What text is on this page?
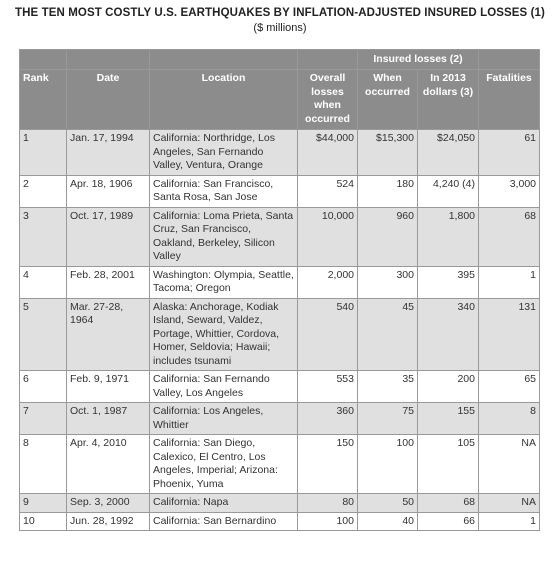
THE TEN MOST COSTLY U.S. EARTHQUAKES BY INFLATION-ADJUSTED INSURED LOSSES (1)
($ millions)
				Insured losses (2)		
Rank	Date	Location	Overall losses when occurred	When occurred	In 2013 dollars (3)	Fatalities
1	Jan. 17, 1994	California: Northridge, Los Angeles, San Fernando Valley, Ventura, Orange	$44,000	$15,300	$24,050	61
2	Apr. 18, 1906	California: San Francisco, Santa Rosa, San Jose	524	180	4,240 (4)	3,000
3	Oct. 17, 1989	California: Loma Prieta, Santa Cruz, San Francisco, Oakland, Berkeley, Silicon Valley	10,000	960	1,800	68
4	Feb. 28, 2001	Washington: Olympia, Seattle, Tacoma; Oregon	2,000	300	395	1
5	Mar. 27-28, 1964	Alaska: Anchorage, Kodiak Island, Seward, Valdez, Portage, Whittier, Cordova, Homer, Seldovia; Hawaii; includes tsunami	540	45	340	131
6	Feb. 9, 1971	California: San Fernando Valley, Los Angeles	553	35	200	65
7	Oct. 1, 1987	California: Los Angeles, Whittier	360	75	155	8
8	Apr. 4, 2010	California: San Diego, Calexico, El Centro, Los Angeles, Imperial; Arizona: Phoenix, Yuma	150	100	105	NA
9	Sep. 3, 2000	California: Napa	80	50	68	NA
10	Jun. 28, 1992	California: San Bernardino	100	40	66	1
